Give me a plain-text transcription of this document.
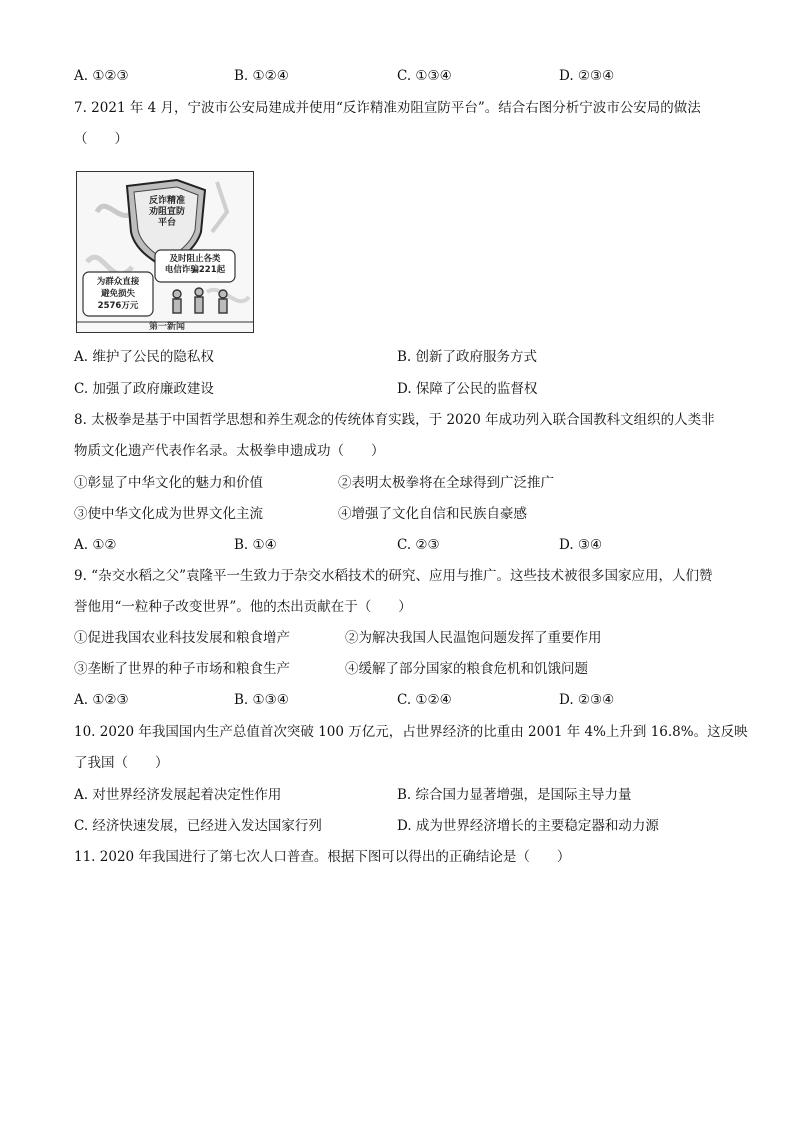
A. ①②③	B. ①②④	C. ①③④	D. ②③④
7. 2021 年 4 月，宁波市公安局建成并使用“反诈精准劝阻宣防平台”。结合右图分析宁波市公安局的做法
（　　）
反诈精准
劝阻宣防
平台
及时阻止各类
电信诈骗221起
为群众直接
避免损失
2576万元
第一新闻
A. 维护了公民的隐私权	B. 创新了政府服务方式
C. 加强了政府廉政建设	D. 保障了公民的监督权
8. 太极拳是基于中国哲学思想和养生观念的传统体育实践，于 2020 年成功列入联合国教科文组织的人类非
物质文化遗产代表作名录。太极拳申遗成功（　　）
①彰显了中华文化的魅力和价值	②表明太极拳将在全球得到广泛推广
③使中华文化成为世界文化主流	④增强了文化自信和民族自豪感
A. ①②	B. ①④	C. ②③	D. ③④
9. “杂交水稻之父”袁隆平一生致力于杂交水稻技术的研究、应用与推广。这些技术被很多国家应用，人们赞
誉他用“一粒种子改变世界”。他的杰出贡献在于（　　）
①促进我国农业科技发展和粮食增产	②为解决我国人民温饱问题发挥了重要作用
③垄断了世界的种子市场和粮食生产	④缓解了部分国家的粮食危机和饥饿问题
A. ①②③	B. ①③④	C. ①②④	D. ②③④
10. 2020 年我国国内生产总值首次突破 100 万亿元，占世界经济的比重由 2001 年 4%上升到 16.8%。这反映
了我国（　　）
A. 对世界经济发展起着决定性作用	B. 综合国力显著增强，是国际主导力量
C. 经济快速发展，已经进入发达国家行列	D. 成为世界经济增长的主要稳定器和动力源
11. 2020 年我国进行了第七次人口普查。根据下图可以得出的正确结论是（　　）
